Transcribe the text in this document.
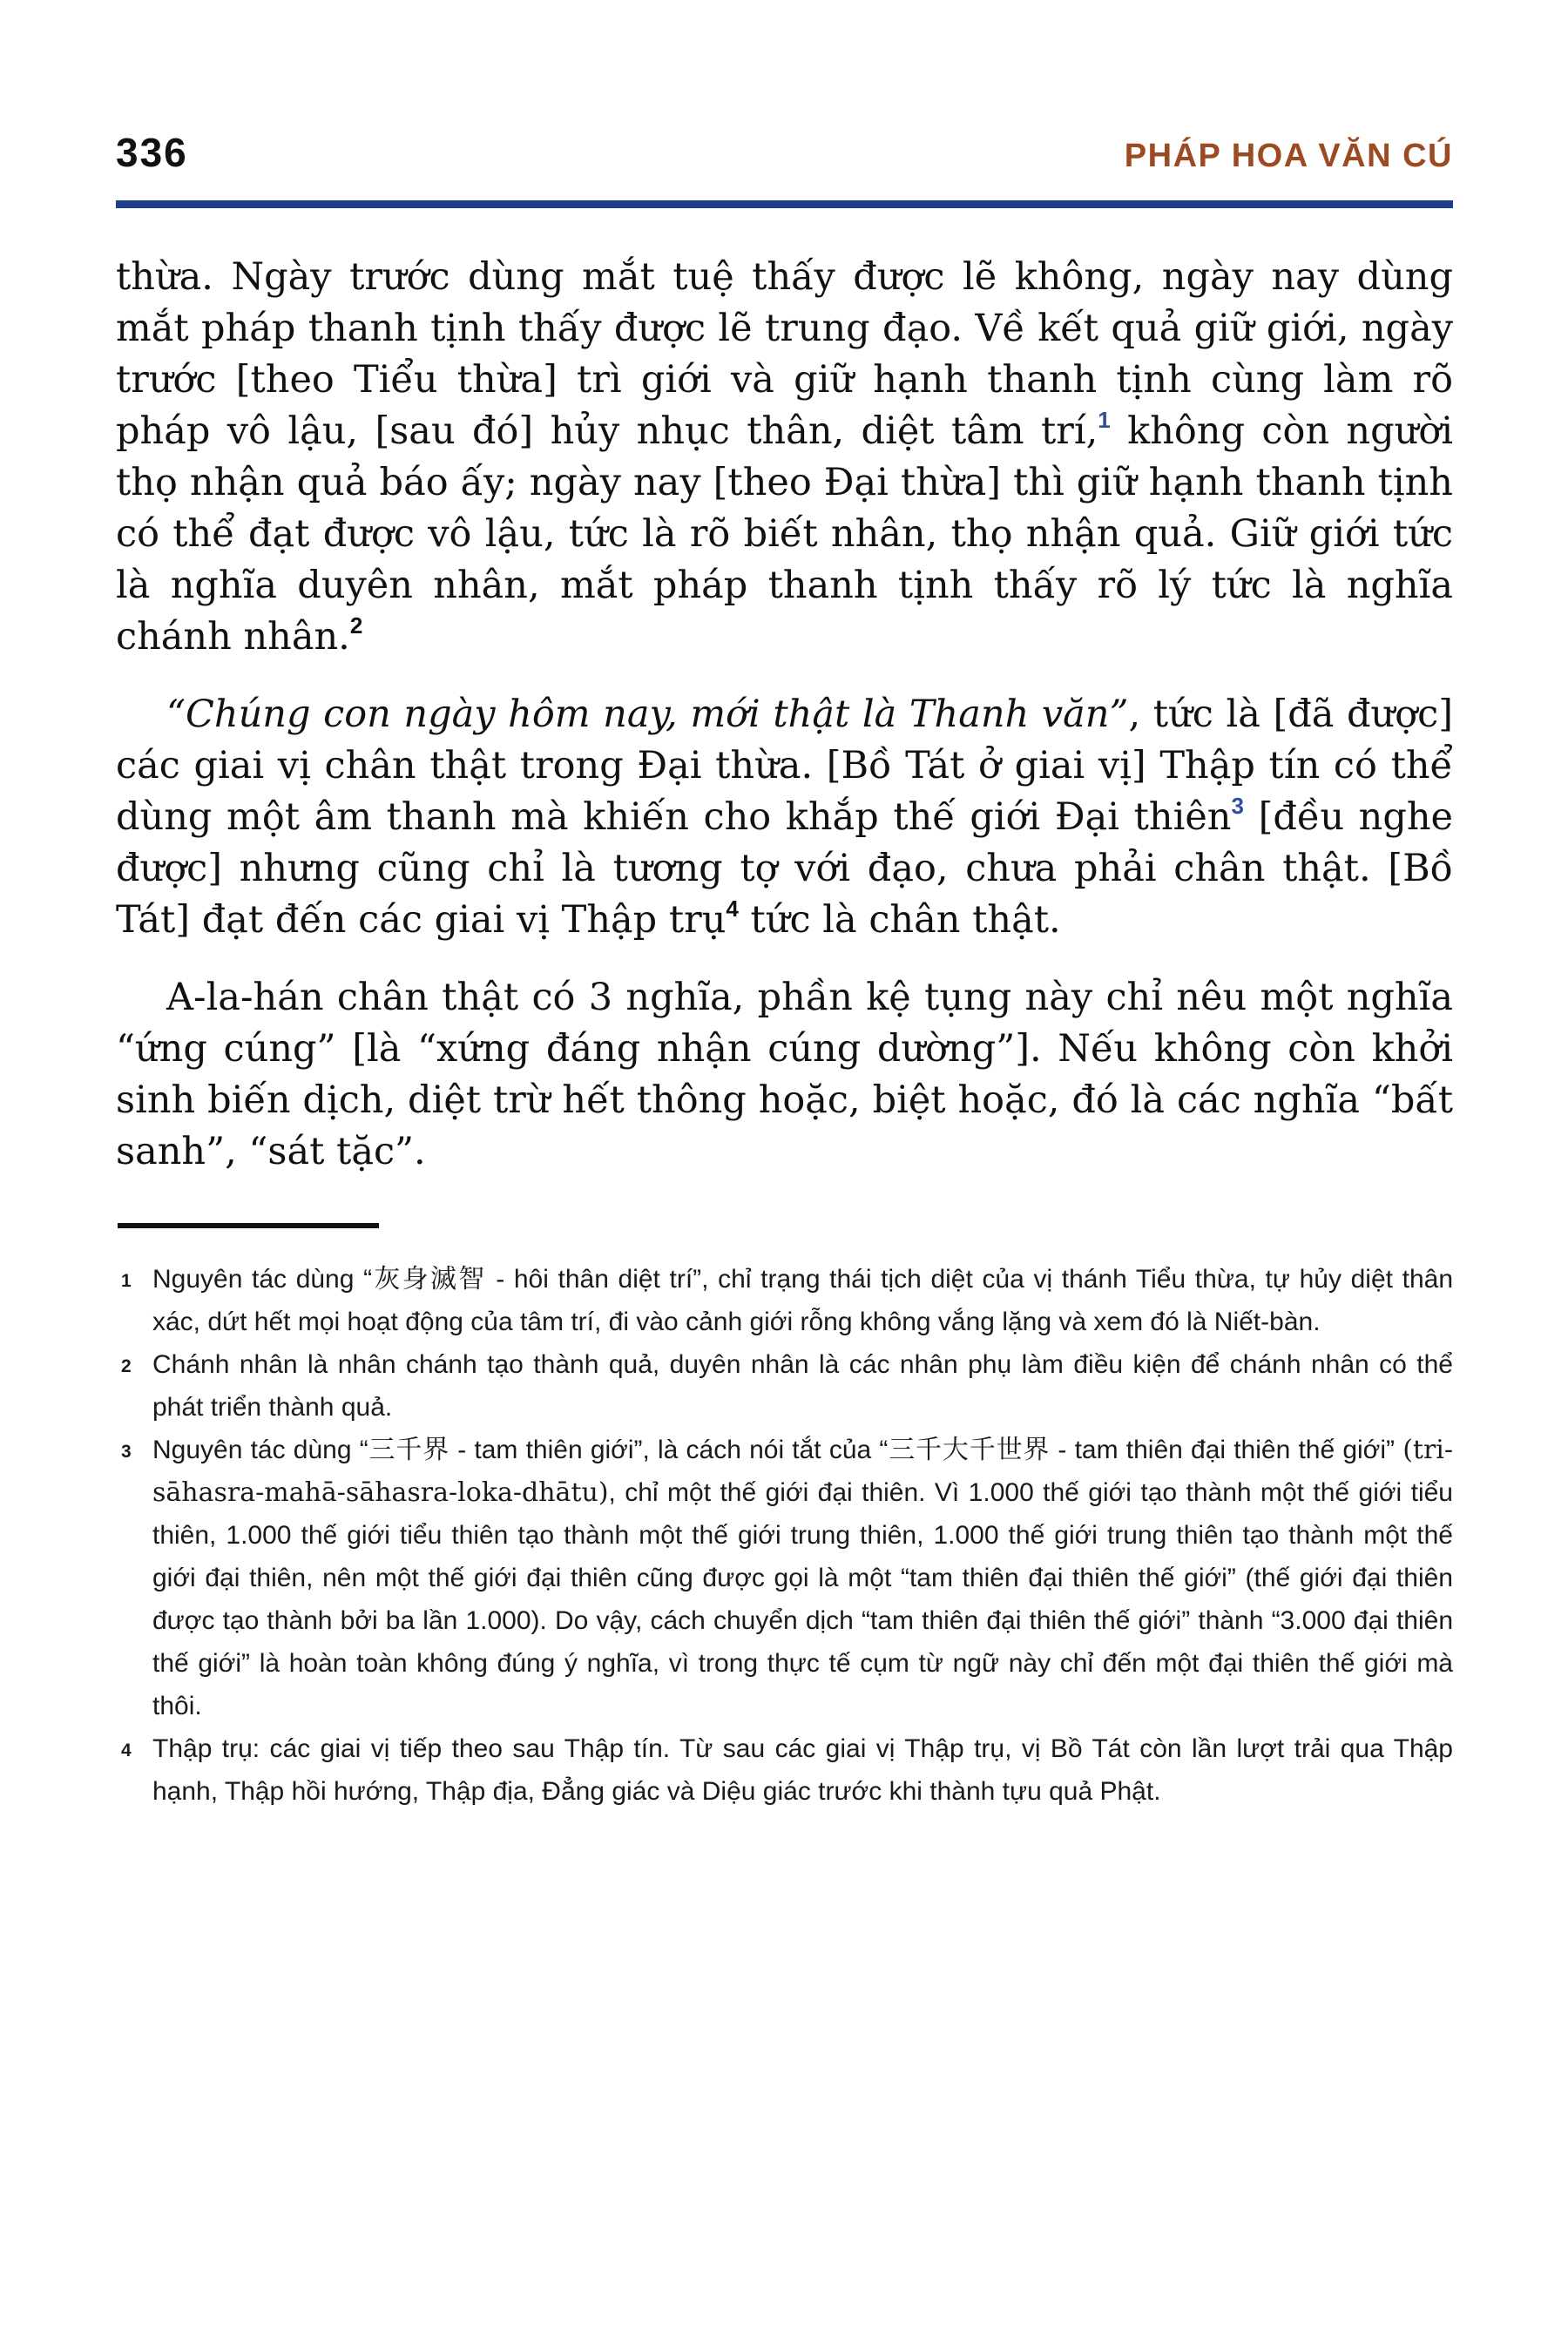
336	PHÁP HOA VĂN CÚ

thừa. Ngày trước dùng mắt tuệ thấy được lẽ không, ngày nay dùng mắt pháp thanh tịnh thấy được lẽ trung đạo. Về kết quả giữ giới, ngày trước [theo Tiểu thừa] trì giới và giữ hạnh thanh tịnh cùng làm rõ pháp vô lậu, [sau đó] hủy nhục thân, diệt tâm trí,$^1$ không còn người thọ nhận quả báo ấy; ngày nay [theo Đại thừa] thì giữ hạnh thanh tịnh có thể đạt được vô lậu, tức là rõ biết nhân, thọ nhận quả. Giữ giới tức là nghĩa duyên nhân, mắt pháp thanh tịnh thấy rõ lý tức là nghĩa chánh nhân.$^2$

“Chúng con ngày hôm nay, mới thật là Thanh văn”, tức là [đã được] các giai vị chân thật trong Đại thừa. [Bồ Tát ở giai vị] Thập tín có thể dùng một âm thanh mà khiến cho khắp thế giới Đại thiên$^3$ [đều nghe được] nhưng cũng chỉ là tương tợ với đạo, chưa phải chân thật. [Bồ Tát] đạt đến các giai vị Thập trụ$^4$ tức là chân thật.

A-la-hán chân thật có 3 nghĩa, phần kệ tụng này chỉ nêu một nghĩa “ứng cúng” [là “xứng đáng nhận cúng dường”]. Nếu không còn khởi sinh biến dịch, diệt trừ hết thông hoặc, biệt hoặc, đó là các nghĩa “bất sanh”, “sát tặc”.

1 Nguyên tác dùng “灰身滅智 - hôi thân diệt trí”, chỉ trạng thái tịch diệt của vị thánh Tiểu thừa, tự hủy diệt thân xác, dứt hết mọi hoạt động của tâm trí, đi vào cảnh giới rỗng không vắng lặng và xem đó là Niết-bàn.
2 Chánh nhân là nhân chánh tạo thành quả, duyên nhân là các nhân phụ làm điều kiện để chánh nhân có thể phát triển thành quả.
3 Nguyên tác dùng “三千界 - tam thiên giới”, là cách nói tắt của “三千大千世界 - tam thiên đại thiên thế giới” (tri-sāhasra-mahā-sāhasra-loka-dhātu), chỉ một thế giới đại thiên. Vì 1.000 thế giới tạo thành một thế giới tiểu thiên, 1.000 thế giới tiểu thiên tạo thành một thế giới trung thiên, 1.000 thế giới trung thiên tạo thành một thế giới đại thiên, nên một thế giới đại thiên cũng được gọi là một “tam thiên đại thiên thế giới” (thế giới đại thiên được tạo thành bởi ba lần 1.000). Do vậy, cách chuyển dịch “tam thiên đại thiên thế giới” thành “3.000 đại thiên thế giới” là hoàn toàn không đúng ý nghĩa, vì trong thực tế cụm từ ngữ này chỉ đến một đại thiên thế giới mà thôi.
4 Thập trụ: các giai vị tiếp theo sau Thập tín. Từ sau các giai vị Thập trụ, vị Bồ Tát còn lần lượt trải qua Thập hạnh, Thập hồi hướng, Thập địa, Đẳng giác và Diệu giác trước khi thành tựu quả Phật.
